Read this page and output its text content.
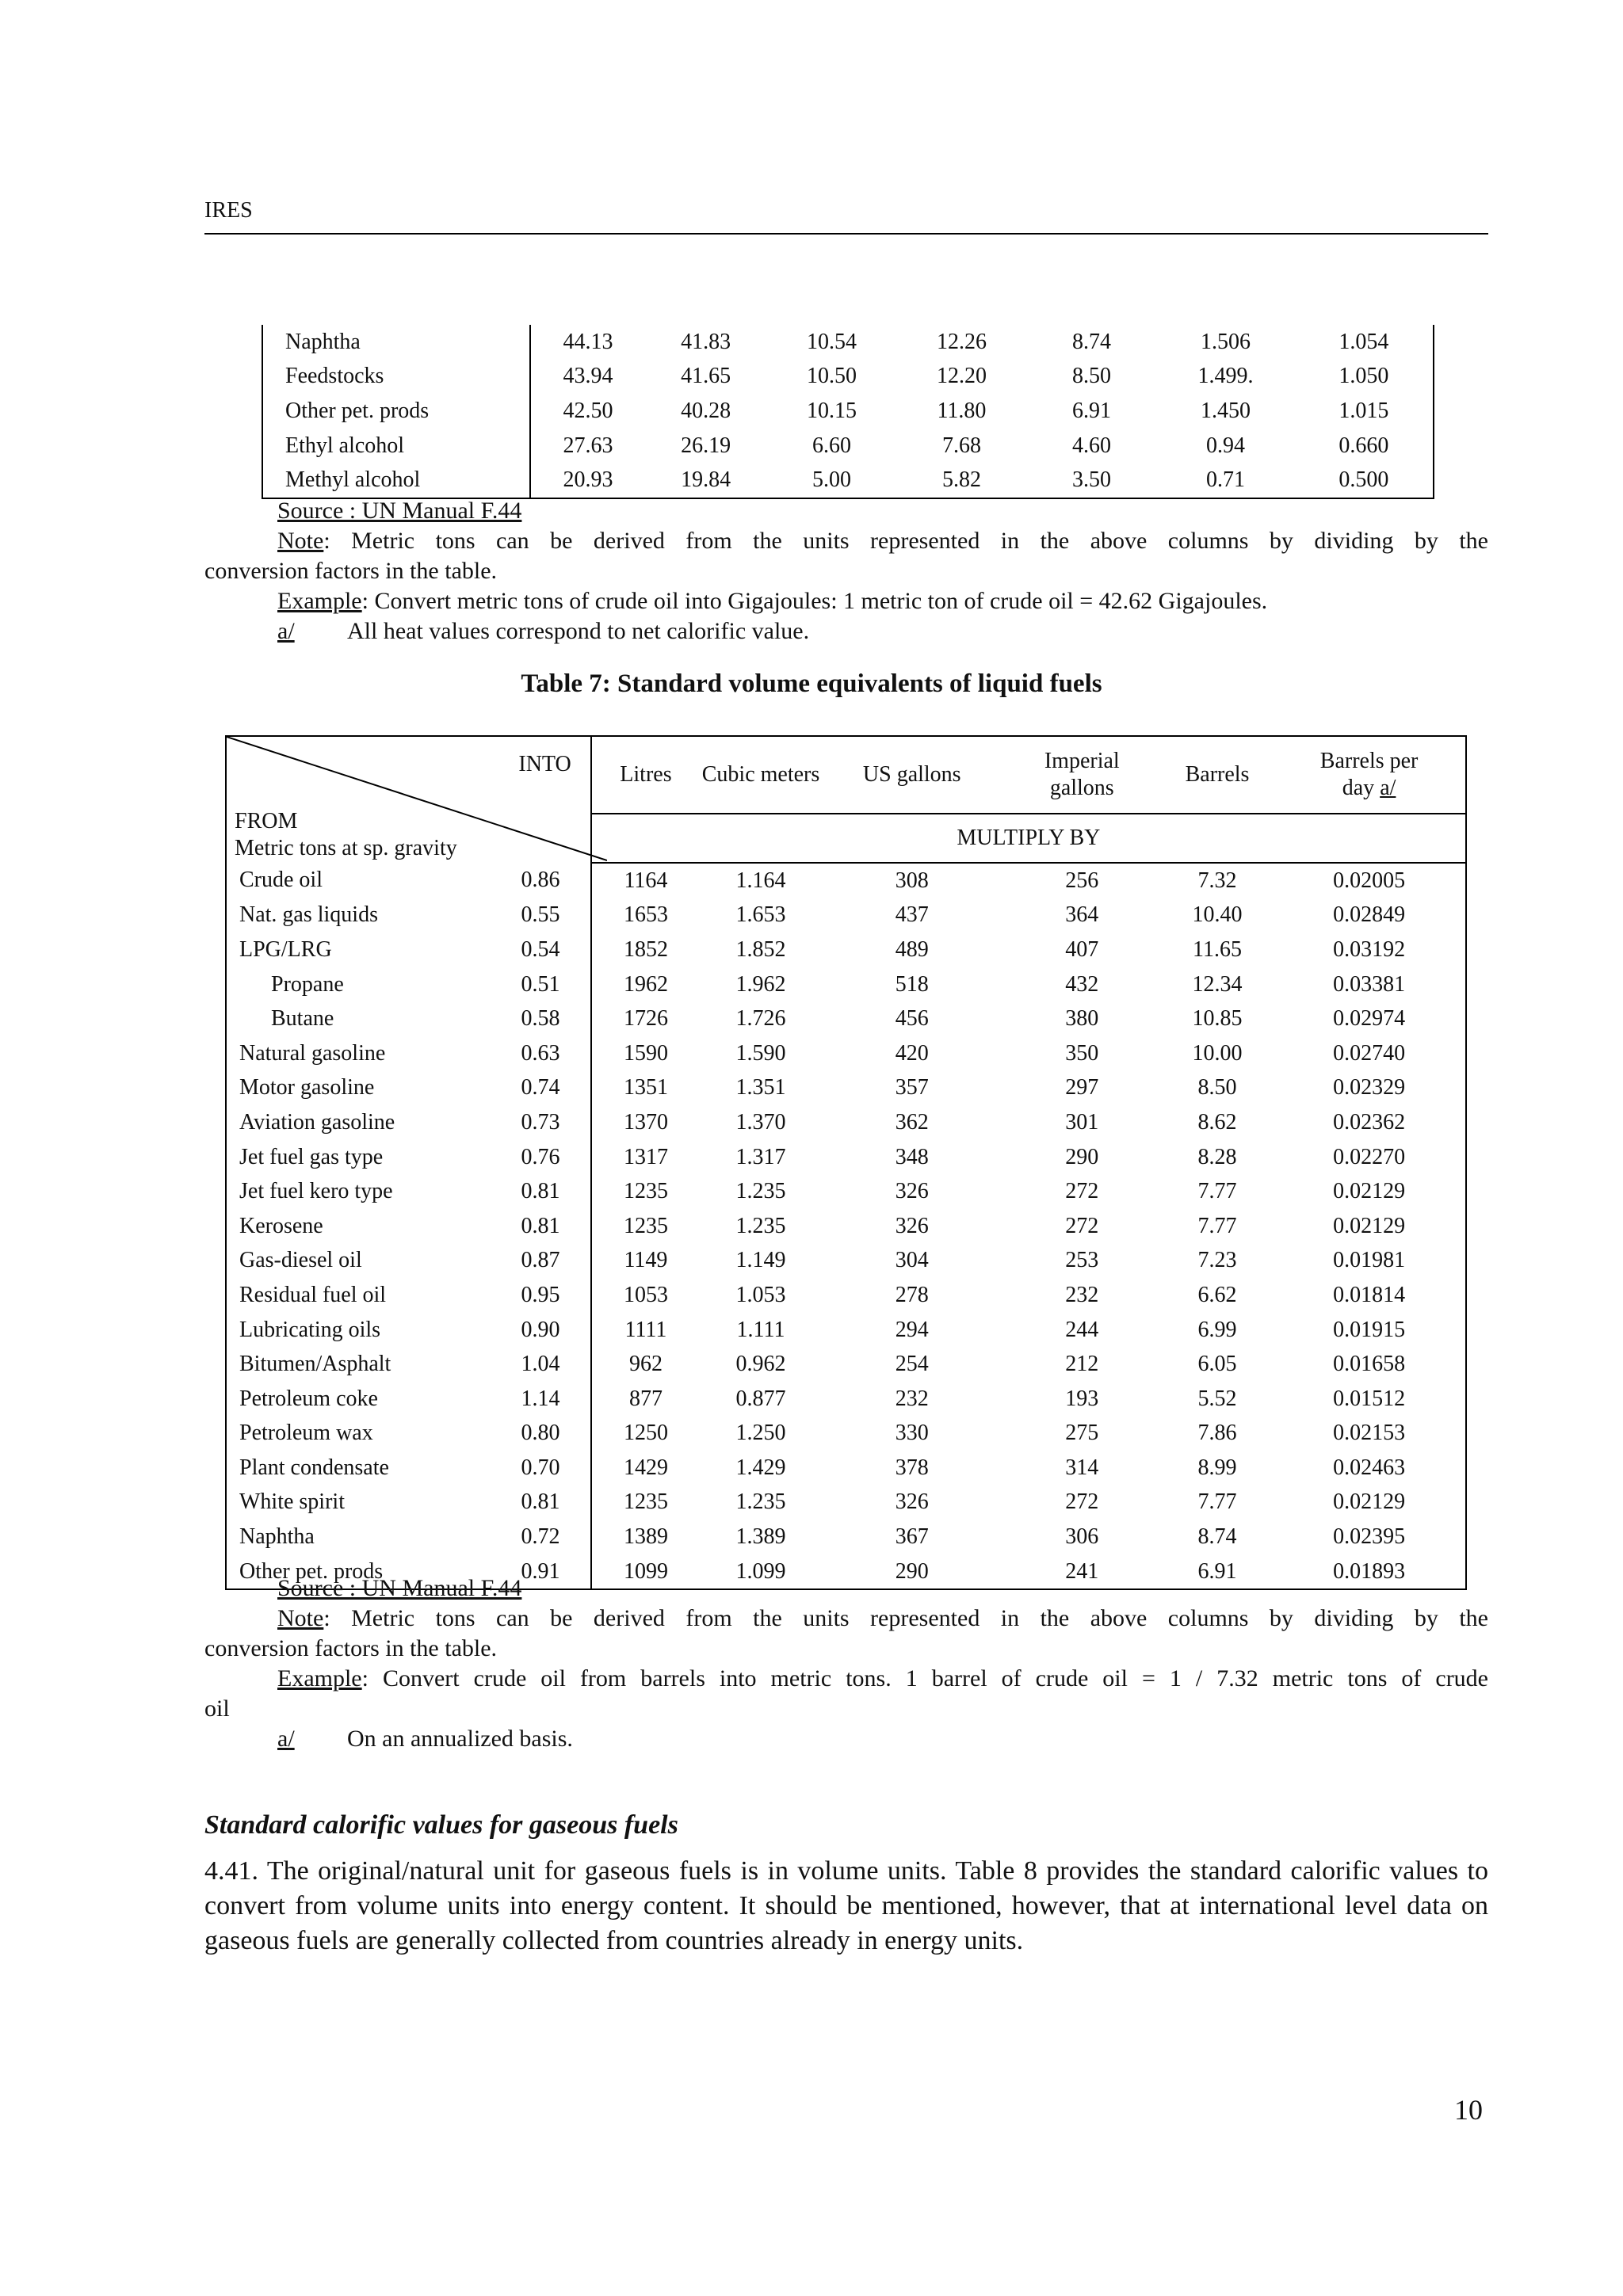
IRES
Naphtha	44.13	41.83	10.54	12.26	8.74	1.506	1.054
Feedstocks	43.94	41.65	10.50	12.20	8.50	1.499.	1.050
Other pet. prods	42.50	40.28	10.15	11.80	6.91	1.450	1.015
Ethyl alcohol	27.63	26.19	6.60	7.68	4.60	0.94	0.660
Methyl alcohol	20.93	19.84	5.00	5.82	3.50	0.71	0.500
Source : UN Manual F.44
Note: Metric tons can be derived from the units represented in the above columns by dividing by the
conversion factors in the table.
Example: Convert metric tons of crude oil into Gigajoules: 1 metric ton of crude oil = 42.62 Gigajoules.
a/ All heat values correspond to net calorific value.
Table 7: Standard volume equivalents of liquid fuels
INTO
FROM
Metric tons at sp. gravity		Litres	Cubic meters	US gallons	Imperial gallons	Barrels	Barrels per day a/
		MULTIPLY BY					
Crude oil	0.86	1164	1.164	308	256	7.32	0.02005
Nat. gas liquids	0.55	1653	1.653	437	364	10.40	0.02849
LPG/LRG	0.54	1852	1.852	489	407	11.65	0.03192
Propane	0.51	1962	1.962	518	432	12.34	0.03381
Butane	0.58	1726	1.726	456	380	10.85	0.02974
Natural gasoline	0.63	1590	1.590	420	350	10.00	0.02740
Motor gasoline	0.74	1351	1.351	357	297	8.50	0.02329
Aviation gasoline	0.73	1370	1.370	362	301	8.62	0.02362
Jet fuel gas type	0.76	1317	1.317	348	290	8.28	0.02270
Jet fuel kero type	0.81	1235	1.235	326	272	7.77	0.02129
Kerosene	0.81	1235	1.235	326	272	7.77	0.02129
Gas-diesel oil	0.87	1149	1.149	304	253	7.23	0.01981
Residual fuel oil	0.95	1053	1.053	278	232	6.62	0.01814
Lubricating oils	0.90	1111	1.111	294	244	6.99	0.01915
Bitumen/Asphalt	1.04	962	0.962	254	212	6.05	0.01658
Petroleum coke	1.14	877	0.877	232	193	5.52	0.01512
Petroleum wax	0.80	1250	1.250	330	275	7.86	0.02153
Plant condensate	0.70	1429	1.429	378	314	8.99	0.02463
White spirit	0.81	1235	1.235	326	272	7.77	0.02129
Naphtha	0.72	1389	1.389	367	306	8.74	0.02395
Other pet. prods	0.91	1099	1.099	290	241	6.91	0.01893
Source : UN Manual F.44
Note: Metric tons can be derived from the units represented in the above columns by dividing by the
conversion factors in the table.
Example: Convert crude oil from barrels into metric tons. 1 barrel of crude oil = 1 / 7.32 metric tons of crude
oil
a/ On an annualized basis.
Standard calorific values for gaseous fuels
4.41. The original/natural unit for gaseous fuels is in volume units. Table 8 provides the standard calorific values to convert from volume units into energy content. It should be mentioned, however, that at international level data on gaseous fuels are generally collected from countries already in energy units.
10
